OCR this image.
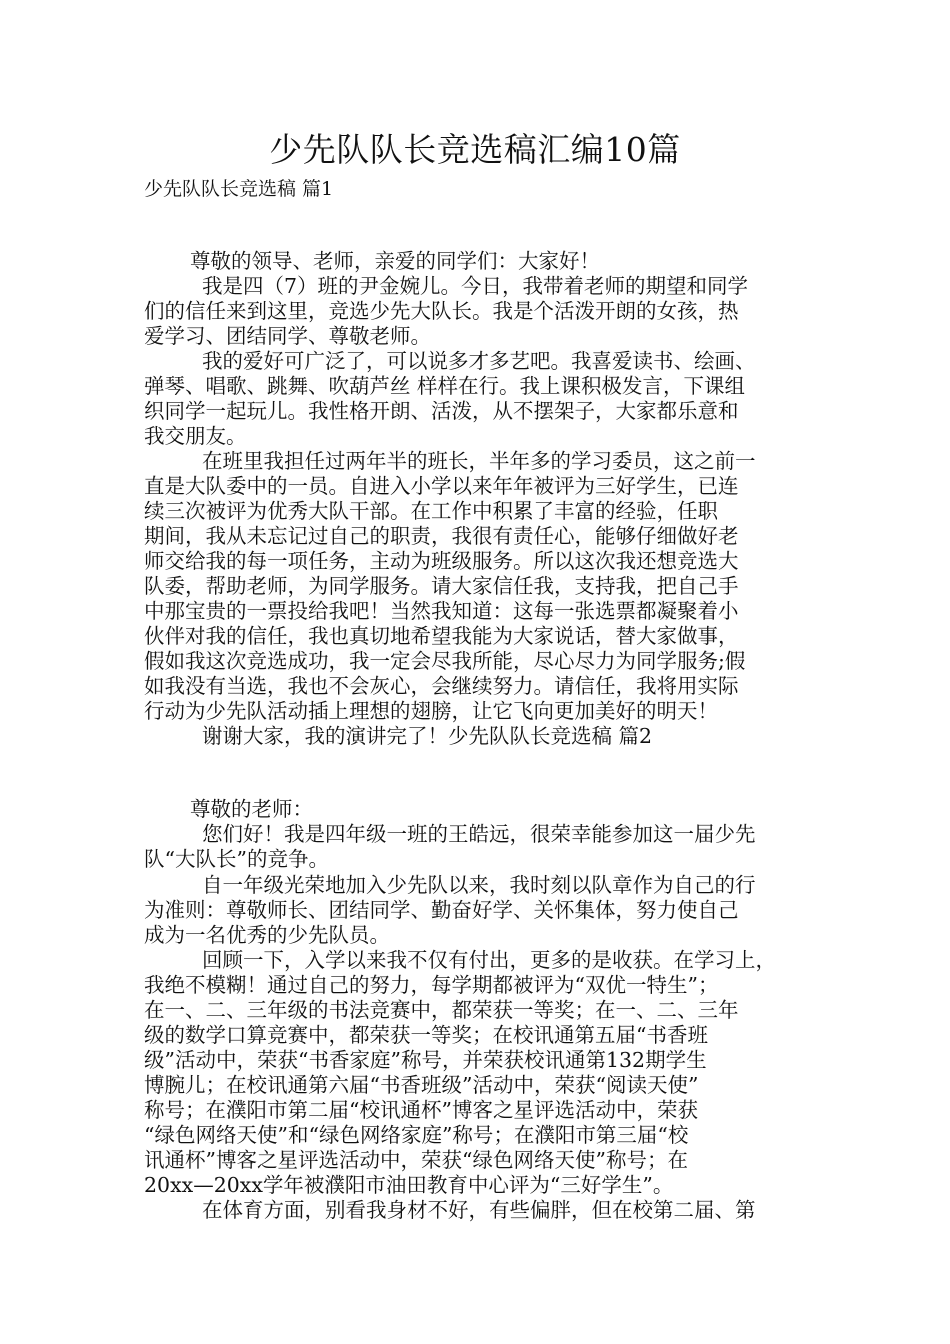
少先队队长竞选稿汇编10篇
少先队队长竞选稿 篇1
尊敬的领导、老师，亲爱的同学们：大家好！
我是四（7）班的尹金婉儿。今日，我带着老师的期望和同学
们的信任来到这里，竞选少先大队长。我是个活泼开朗的女孩，热
爱学习、团结同学、尊敬老师。
我的爱好可广泛了，可以说多才多艺吧。我喜爱读书、绘画、
弹琴、唱歌、跳舞、吹葫芦丝 样样在行。我上课积极发言，下课组
织同学一起玩儿。我性格开朗、活泼，从不摆架子，大家都乐意和
我交朋友。
在班里我担任过两年半的班长，半年多的学习委员，这之前一
直是大队委中的一员。自进入小学以来年年被评为三好学生，已连
续三次被评为优秀大队干部。在工作中积累了丰富的经验，任职
期间，我从未忘记过自己的职责，我很有责任心，能够仔细做好老
师交给我的每一项任务，主动为班级服务。所以这次我还想竞选大
队委，帮助老师，为同学服务。请大家信任我，支持我，把自己手
中那宝贵的一票投给我吧！当然我知道：这每一张选票都凝聚着小
伙伴对我的信任，我也真切地希望我能为大家说话，替大家做事，
假如我这次竞选成功，我一定会尽我所能，尽心尽力为同学服务;假
如我没有当选，我也不会灰心，会继续努力。请信任，我将用实际
行动为少先队活动插上理想的翅膀，让它飞向更加美好的明天！
谢谢大家，我的演讲完了！少先队队长竞选稿 篇2
尊敬的老师：
您们好！我是四年级一班的王皓远，很荣幸能参加这一届少先
队“大队长”的竞争。
自一年级光荣地加入少先队以来，我时刻以队章作为自己的行
为准则：尊敬师长、团结同学、勤奋好学、关怀集体，努力使自己
成为一名优秀的少先队员。
回顾一下，入学以来我不仅有付出，更多的是收获。在学习上，
我绝不模糊！通过自己的努力，每学期都被评为“双优一特生”；
在一、二、三年级的书法竞赛中，都荣获一等奖；在一、二、三年
级的数学口算竞赛中，都荣获一等奖；在校讯通第五届“书香班
级”活动中，荣获“书香家庭”称号，并荣获校讯通第132期学生
博腕儿；在校讯通第六届“书香班级”活动中，荣获“阅读天使”
称号；在濮阳市第二届“校讯通杯”博客之星评选活动中，荣获
“绿色网络天使”和“绿色网络家庭”称号；在濮阳市第三届“校
讯通杯”博客之星评选活动中，荣获“绿色网络天使”称号；在
20xx—20xx学年被濮阳市油田教育中心评为“三好学生”。
在体育方面，别看我身材不好，有些偏胖，但在校第二届、第
